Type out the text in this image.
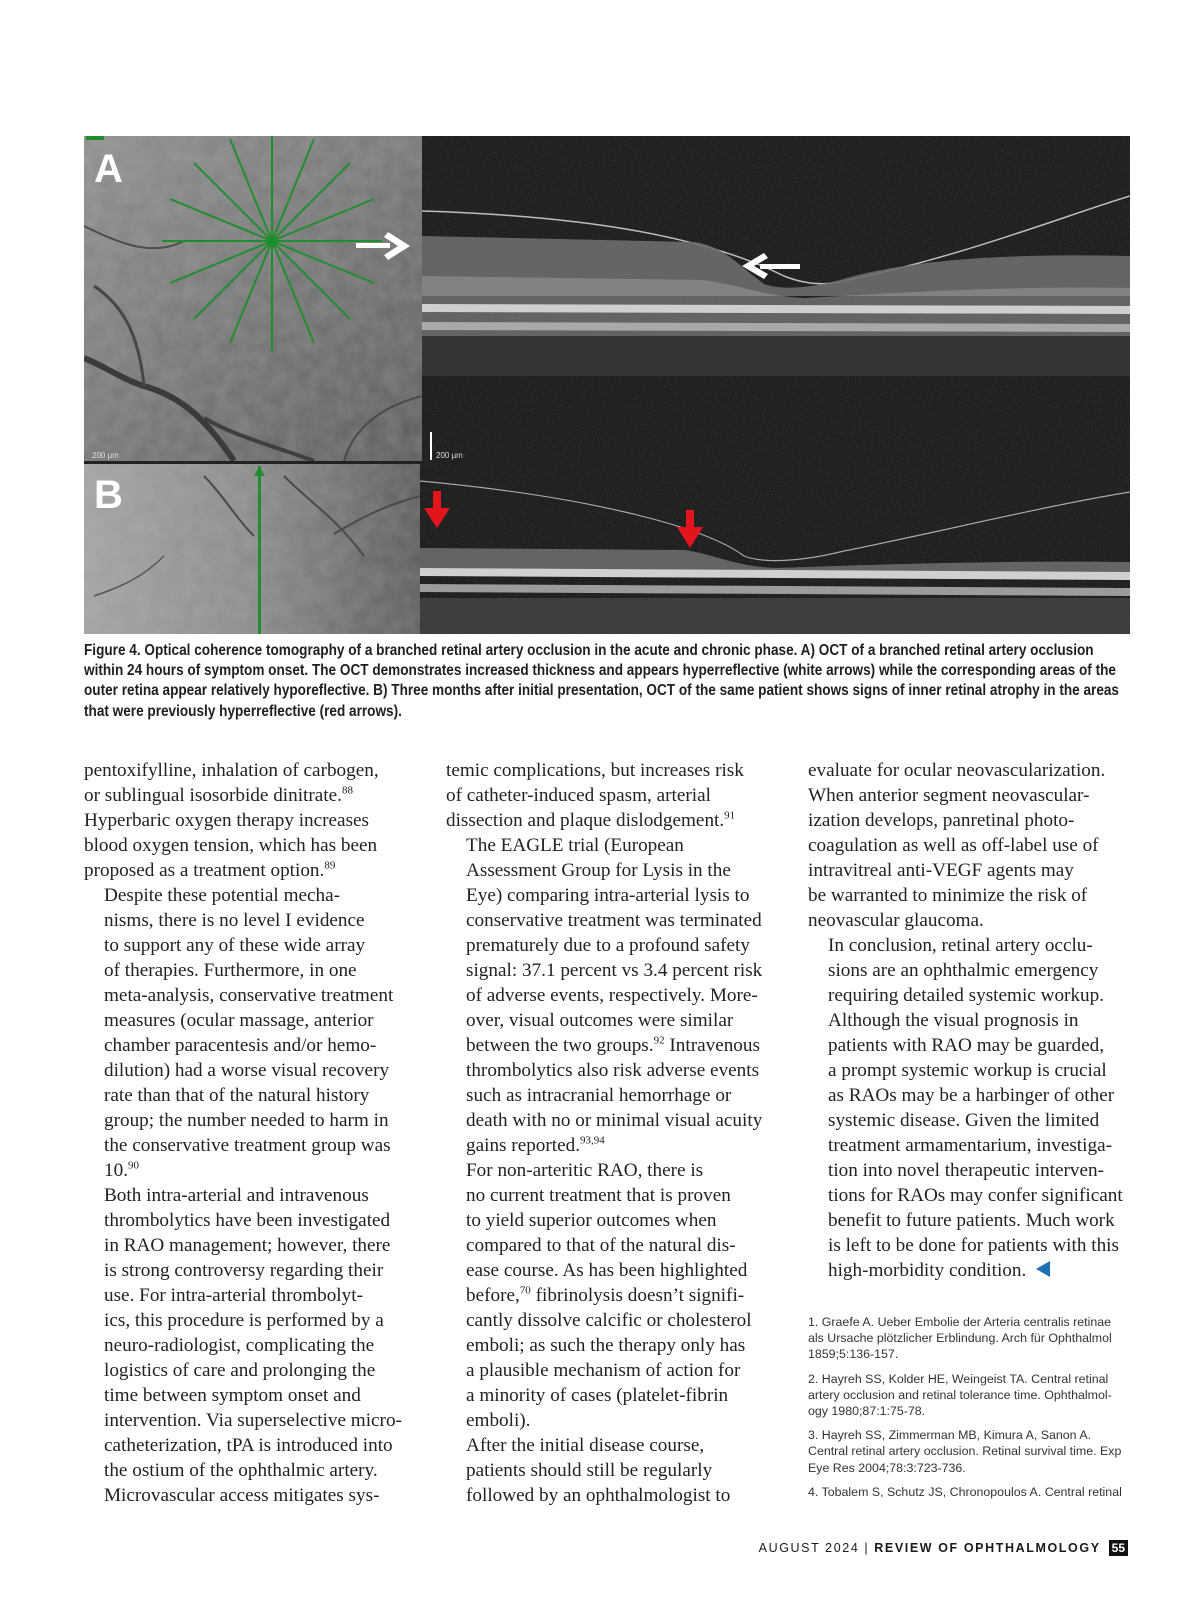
A
200 µm	200 µm
B
Figure 4. Optical coherence tomography of a branched retinal artery occlusion in the acute and chronic phase. A) OCT of a branched retinal artery occlusion within 24 hours of symptom onset. The OCT demonstrates increased thickness and appears hyperreflective (white arrows) while the corresponding areas of the outer retina appear relatively hyporeflective. B) Three months after initial presentation, OCT of the same patient shows signs of inner retinal atrophy in the areas that were previously hyperreflective (red arrows).

pentoxifylline, inhalation of carbogen,
or sublingual isosorbide dinitrate.$^{88}$
Hyperbaric oxygen therapy increases
blood oxygen tension, which has been
proposed as a treatment option.$^{89}$

Despite these potential mecha-
nisms, there is no level I evidence
to support any of these wide array
of therapies. Furthermore, in one
meta-analysis, conservative treatment
measures (ocular massage, anterior
chamber paracentesis and/or hemo-
dilution) had a worse visual recovery
rate than that of the natural history
group; the number needed to harm in
the conservative treatment group was
10.90

Both intra-arterial and intravenous
thrombolytics have been investigated
in RAO management; however, there
is strong controversy regarding their
use. For intra-arterial thrombolyt-
ics, this procedure is performed by a
neuro-radiologist, complicating the
logistics of care and prolonging the
time between symptom onset and
intervention. Via superselective micro-
catheterization, tPA is introduced into
the ostium of the ophthalmic artery.
Microvascular access mitigates sys-

temic complications, but increases risk
of catheter-induced spasm, arterial
dissection and plaque dislodgement.$^{91}$

The EAGLE trial (European
Assessment Group for Lysis in the
Eye) comparing intra-arterial lysis to
conservative treatment was terminated
prematurely due to a profound safety
signal: 37.1 percent vs 3.4 percent risk
of adverse events, respectively. More-
over, visual outcomes were similar
between the two groups.$^{92}$ Intravenous
thrombolytics also risk adverse events
such as intracranial hemorrhage or
death with no or minimal visual acuity
gains reported.$^{93,94}$

For non-arteritic RAO, there is
no current treatment that is proven
to yield superior outcomes when
compared to that of the natural dis-
ease course. As has been highlighted
before,$^{70}$ fibrinolysis doesn’t signifi-
cantly dissolve calcific or cholesterol
emboli; as such the therapy only has
a plausible mechanism of action for
a minority of cases (platelet-fibrin
emboli).

After the initial disease course,
patients should still be regularly
followed by an ophthalmologist to

evaluate for ocular neovascularization.
When anterior segment neovascular-
ization develops, panretinal photo-
coagulation as well as off-label use of
intravitreal anti-VEGF agents may
be warranted to minimize the risk of
neovascular glaucoma.

In conclusion, retinal artery occlu-
sions are an ophthalmic emergency
requiring detailed systemic workup.
Although the visual prognosis in
patients with RAO may be guarded,
a prompt systemic workup is crucial
as RAOs may be a harbinger of other
systemic disease. Given the limited
treatment armamentarium, investiga-
tion into novel therapeutic interven-
tions for RAOs may confer significant
benefit to future patients. Much work
is left to be done for patients with this
high-morbidity condition.

1. Graefe A. Ueber Embolie der Arteria centralis retinae
als Ursache plötzlicher Erblindung. Arch für Ophthalmol
1859;5:136-157.
2. Hayreh SS, Kolder HE, Weingeist TA. Central retinal
artery occlusion and retinal tolerance time. Ophthalmol-
ogy 1980;87:1:75-78.
3. Hayreh SS, Zimmerman MB, Kimura A, Sanon A.
Central retinal artery occlusion. Retinal survival time. Exp
Eye Res 2004;78:3:723-736.
4. Tobalem S, Schutz JS, Chronopoulos A. Central retinal
AUGUST 2024 | REVIEW OF OPHTHALMOLOGY 55
